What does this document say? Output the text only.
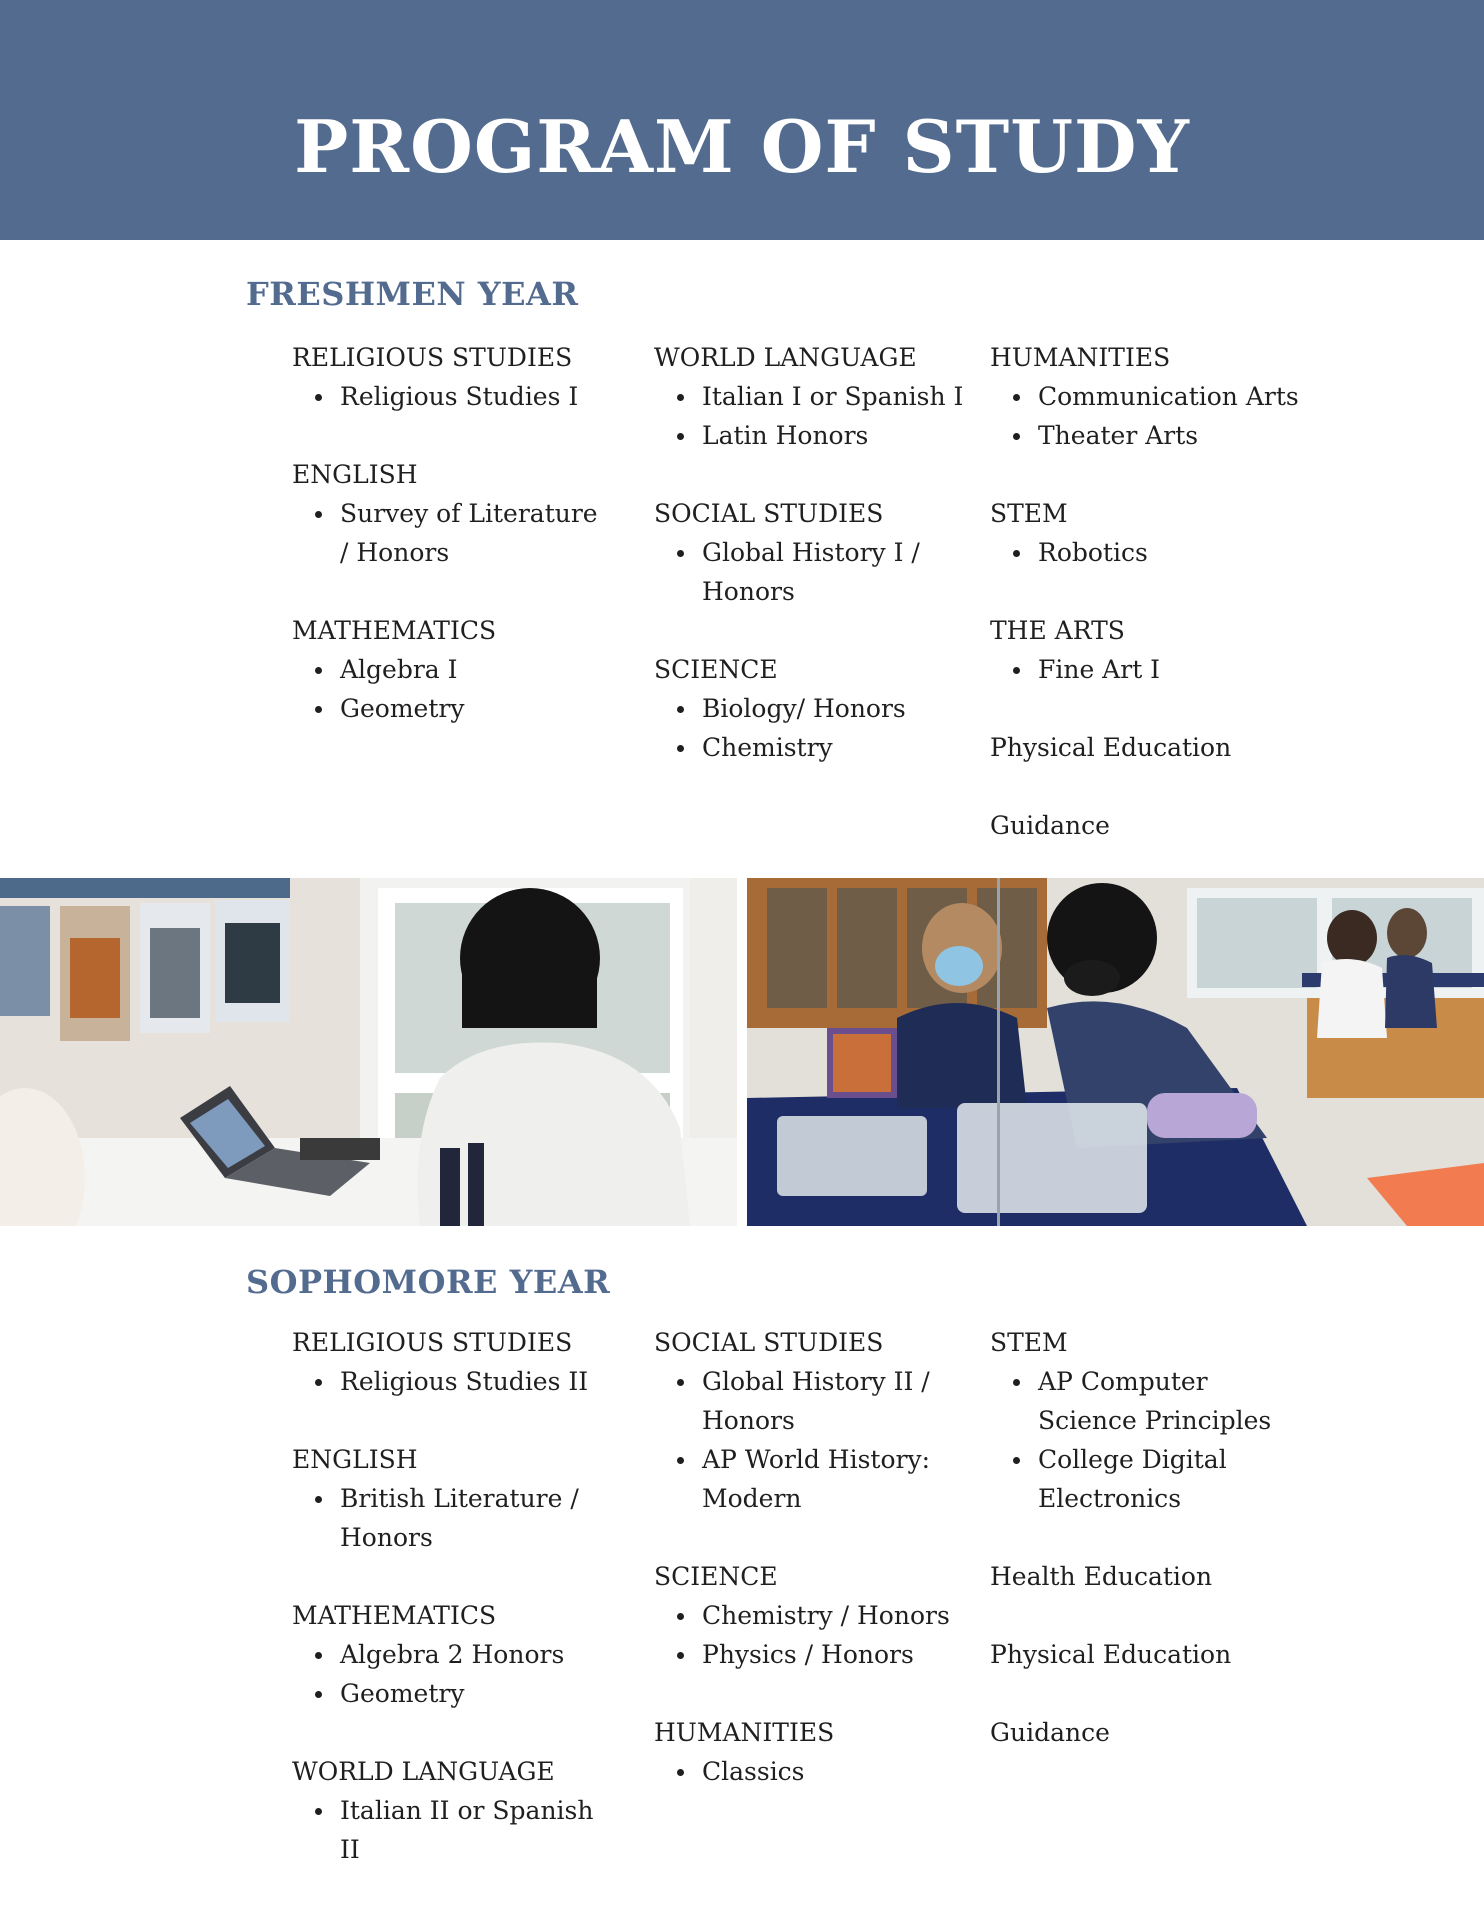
PROGRAM OF STUDY
FRESHMEN YEAR
RELIGIOUS STUDIES
Religious Studies I
ENGLISH
Survey of Literature / Honors
MATHEMATICS
Algebra I
Geometry
WORLD LANGUAGE
Italian I or Spanish I
Latin Honors
SOCIAL STUDIES
Global History I / Honors
SCIENCE
Biology/ Honors
Chemistry
HUMANITIES
Communication Arts
Theater Arts
STEM
Robotics
THE ARTS
Fine Art I
Physical Education
Guidance
SOPHOMORE YEAR
RELIGIOUS STUDIES
Religious Studies II
ENGLISH
British Literature / Honors
MATHEMATICS
Algebra 2 Honors
Geometry
WORLD LANGUAGE
Italian II or Spanish II
SOCIAL STUDIES
Global History II / Honors
AP World History: Modern
SCIENCE
Chemistry / Honors
Physics / Honors
HUMANITIES
Classics
STEM
AP Computer Science Principles
College Digital Electronics
Health Education
Physical Education
Guidance
